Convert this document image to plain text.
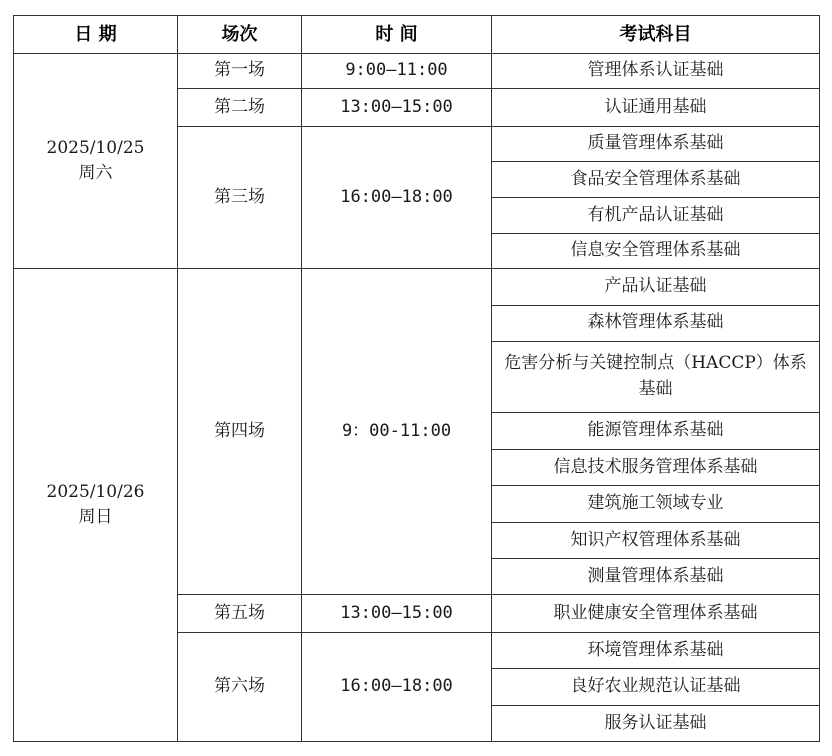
日 期	场次	时 间	考试科目

2025/10/25
周六	第一场	9:00—11:00	管理体系认证基础
	第二场	13:00—15:00	认证通用基础
	第三场	16:00—18:00	质量管理体系基础
			食品安全管理体系基础
			有机产品认证基础
			信息安全管理体系基础

2025/10/26
周日	第四场	9：00-11:00	产品认证基础
			森林管理体系基础
			危害分析与关键控制点（HACCP）体系基础
			能源管理体系基础
			信息技术服务管理体系基础
			建筑施工领域专业
			知识产权管理体系基础
			测量管理体系基础
	第五场	13:00—15:00	职业健康安全管理体系基础
	第六场	16:00—18:00	环境管理体系基础
			良好农业规范认证基础
			服务认证基础
